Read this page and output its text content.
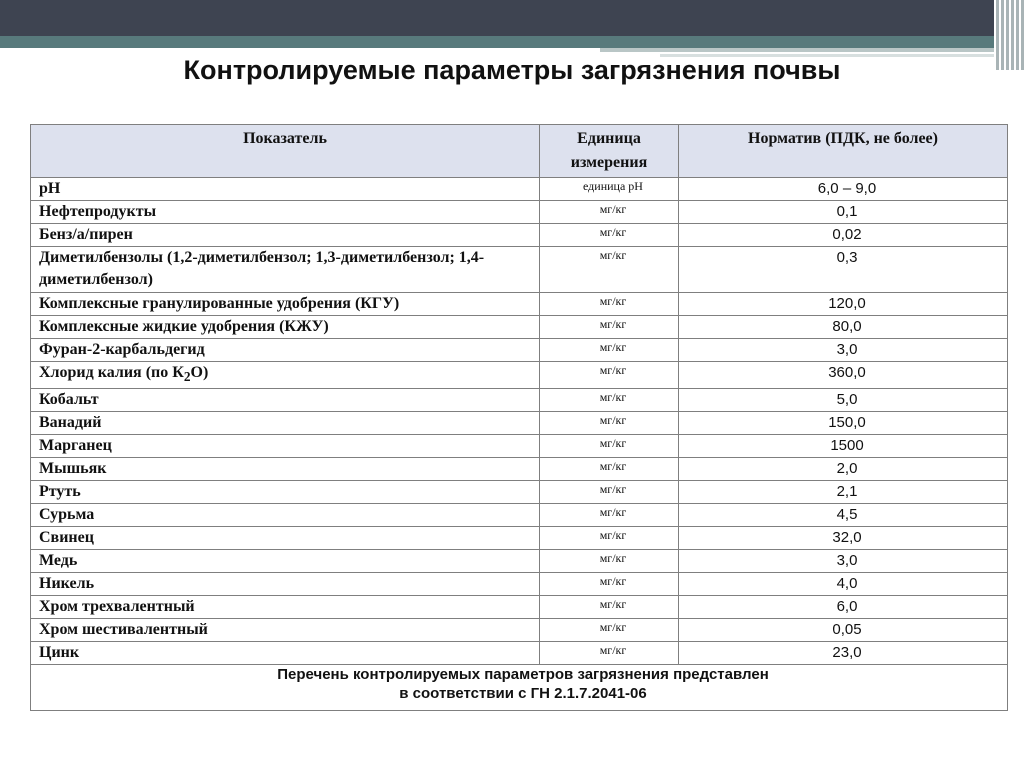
Контролируемые параметры загрязнения почвы
Показатель	Единица измерения	Норматив (ПДК, не более)
pH	единица pH	6,0 – 9,0
Нефтепродукты	мг/кг	0,1
Бенз/а/пирен	мг/кг	0,02
Диметилбензолы (1,2-диметилбензол; 1,3-диметилбензол; 1,4-диметилбензол)	мг/кг	0,3
Комплексные гранулированные удобрения (КГУ)	мг/кг	120,0
Комплексные жидкие удобрения (КЖУ)	мг/кг	80,0
Фуран-2-карбальдегид	мг/кг	3,0
Хлорид калия (по $К_2О$)	мг/кг	360,0
Кобальт	мг/кг	5,0
Ванадий	мг/кг	150,0
Марганец	мг/кг	1500
Мышьяк	мг/кг	2,0
Ртуть	мг/кг	2,1
Сурьма	мг/кг	4,5
Свинец	мг/кг	32,0
Медь	мг/кг	3,0
Никель	мг/кг	4,0
Хром трехвалентный	мг/кг	6,0
Хром шестивалентный	мг/кг	0,05
Цинк	мг/кг	23,0

Перечень контролируемых параметров загрязнения представлен
в соответствии с ГН 2.1.7.2041-06		
